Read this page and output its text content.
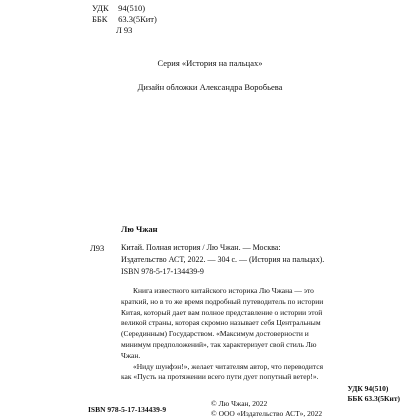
УДК 94(510)
ББК 63.3(5Кит)
Л 93
Серия «История на пальцах»
Дизайн обложки Александра Воробьева
Лю Чжан
Л93 Китай. Полная история / Лю Чжан. — Москва:
Издательство АСТ, 2022. — 304 с. — (История на пальцах).
ISBN 978-5-17-134439-9
Книга известного китайского историка Лю Чжана — это
краткий, но в то же время подробный путеводитель по истории
Китая, который дает вам полное представление о истории этой
великой страны, которая скромно называет себя Центральным
(Серединным) Государством. «Максимум достоверности и
минимум предположений», так характеризует свой стиль Лю
Чжан.
«Ниду шунфэн!», желает читателям автор, что переводится
как «Пусть на протяжении всего пути дует попутный ветер!».
УДК 94(510)
ББК 63.3(5Кит)
ISBN 978-5-17-134439-9
© Лю Чжан, 2022
© ООО «Издательство АСТ», 2022
